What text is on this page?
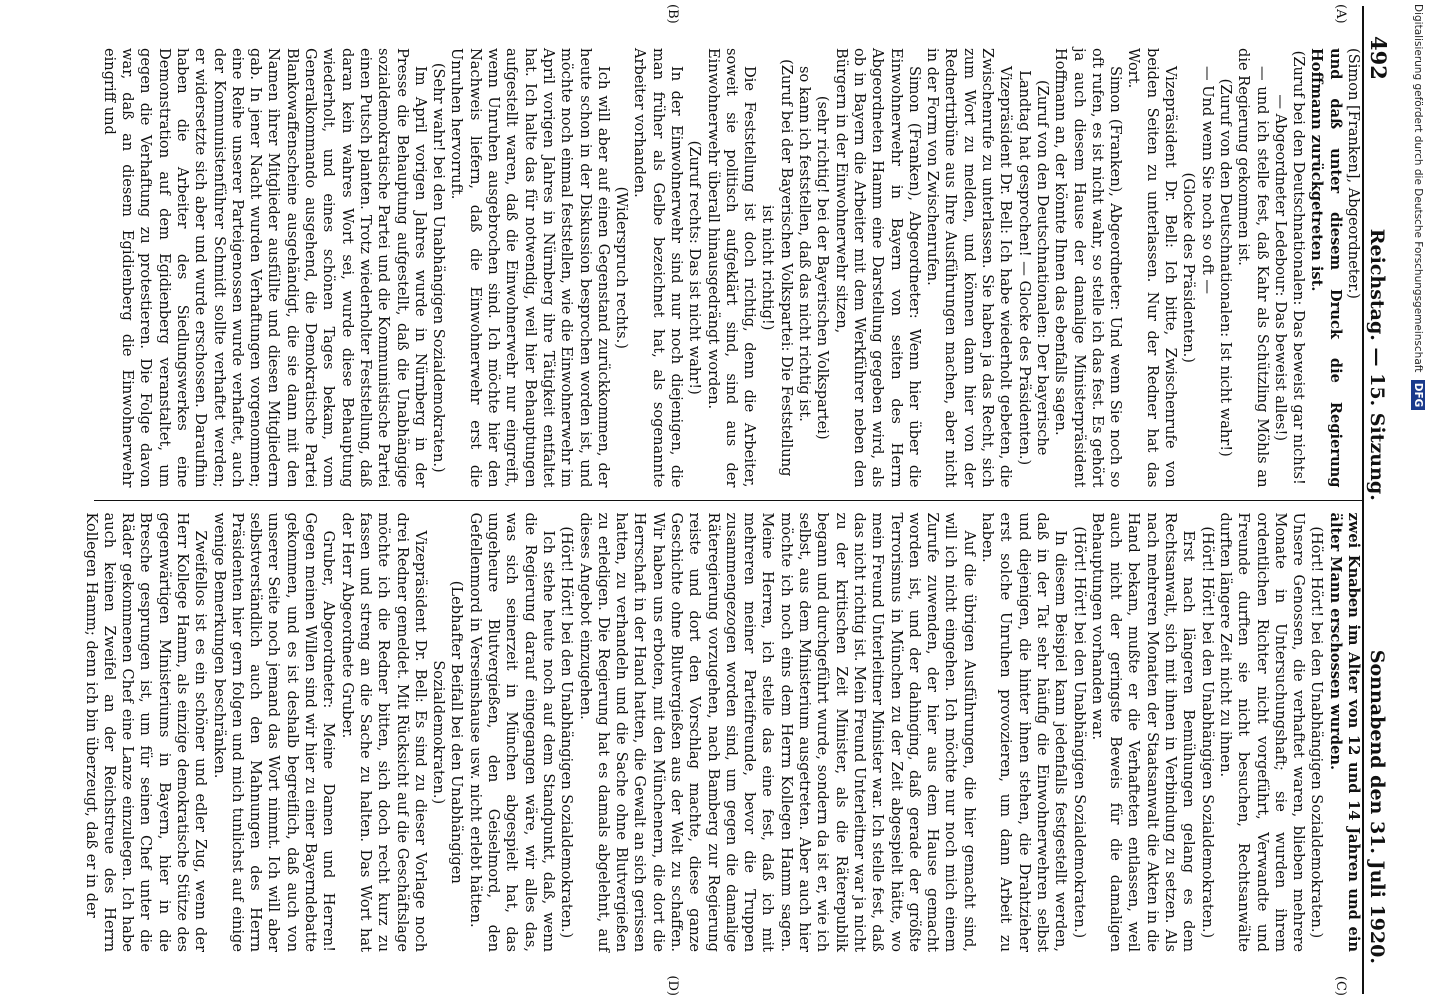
492
Reichstag. — 15. Sitzung.
Sonnabend den 31. Juli 1920.
(A)
(B)
(C)
(D)

(Simon [Franken], Abgeordneter.)

und daß unter diesem Druck die Regierung Hoffmann zurückgetreten ist.

(Zuruf bei den Deutschnationalen: Das beweist gar nichts! — Abgeordneter Ledebour: Das beweist alles!)

— und ich stelle fest, daß Kahr als Schützling Möhls an die Regierung gekommen ist.

(Zuruf von den Deutschnationalen: Ist nicht wahr!)

— Und wenn Sie noch so oft —

(Glocke des Präsidenten.)

Vizepräsident Dr. Bell: Ich bitte, Zwischenrufe von beiden Seiten zu unterlassen. Nur der Redner hat das Wort.

Simon (Franken), Abgeordneter: Und wenn Sie noch so oft rufen, es ist nicht wahr, so stelle ich das fest. Es gehört ja auch diesem Hause der damalige Ministerpräsident Hoffmann an, der könnte Ihnen das ebenfalls sagen.

(Zuruf von den Deutschnationalen: Der bayerische Landtag hat gesprochen! — Glocke des Präsidenten.)

Vizepräsident Dr. Bell: Ich habe wiederholt gebeten, die Zwischenrufe zu unterlassen. Sie haben ja das Recht, sich zum Wort zu melden, und können dann hier von der Rednertribüne aus Ihre Ausführungen machen, aber nicht in der Form von Zwischenrufen.

Simon (Franken), Abgeordneter: Wenn hier über die Einwohnerwehr in Bayern von seiten des Herrn Abgeordneten Hamm eine Darstellung gegeben wird, als ob in Bayern die Arbeiter mit dem Werkführer neben den Bürgern in der Einwohnerwehr sitzen,

(sehr richtig! bei der Bayerischen Volkspartei)

so kann ich feststellen, daß das nicht richtig ist.

(Zuruf bei der Bayerischen Volkspartei: Die Feststellung ist nicht richtig!)

Die Feststellung ist doch richtig, denn die Arbeiter, soweit sie politisch aufgeklärt sind, sind aus der Einwohnerwehr überall hinausgedrängt worden.

(Zuruf rechts: Das ist nicht wahr!)

In der Einwohnerwehr sind nur noch diejenigen, die man früher als Gelbe bezeichnet hat, als sogenannte Arbeiter vorhanden.

(Widerspruch rechts.)

Ich will aber auf einen Gegenstand zurückkommen, der heute schon in der Diskussion besprochen worden ist, und möchte noch einmal feststellen, wie die Einwohnerwehr im April vorigen Jahres in Nürnberg ihre Tätigkeit entfaltet hat. Ich halte das für notwendig, weil hier Behauptungen aufgestellt waren, daß die Einwohnerwehr nur eingreift, wenn Unruhen ausgebrochen sind. Ich möchte hier den Nachweis liefern, daß die Einwohnerwehr erst die Unruhen hervorruft.

(Sehr wahr! bei den Unabhängigen Sozialdemokraten.)

Im April vorigen Jahres wurde in Nürnberg in der Presse die Behauptung aufgestellt, daß die Unabhängige sozialdemokratische Partei und die Kommunistische Partei einen Putsch planten. Trotz wiederholter Feststellung, daß daran kein wahres Wort sei, wurde diese Behauptung wiederholt, und eines schönen Tages bekam, vom Generalkommando ausgehend, die Demokratische Partei Blankowaffenscheine ausgehändigt, die sie dann mit den Namen ihrer Mitglieder ausfüllte und diesen Mitgliedern gab. In jener Nacht wurden Verhaftungen vorgenommen; eine Reihe unserer Parteigenossen wurde verhaftet, auch der Kommunistenführer Schmidt sollte verhaftet werden; er widersetzte sich aber und wurde erschossen. Daraufhin haben die Arbeiter des Siedlungswerkes eine Demonstration auf dem Egidienberg veranstaltet, um gegen die Verhaftung zu protestieren. Die Folge davon war, daß an diesem Egidienberg die Einwohnerwehr eingriff und

zwei Knaben im Alter von 12 und 14 Jahren und ein älter Mann erschossen wurden.

(Hört! Hört! bei den Unabhängigen Sozialdemokraten.)

Unsere Genossen, die verhaftet waren, blieben mehrere Monate in Untersuchungshaft; sie wurden ihrem ordentlichen Richter nicht vorgeführt, Verwandte und Freunde durften sie nicht besuchen, Rechtsanwälte durften längere Zeit nicht zu ihnen.

(Hört! Hört! bei den Unabhängigen Sozialdemokraten.)

Erst nach längeren Bemühungen gelang es dem Rechtsanwalt, sich mit ihnen in Verbindung zu setzen. Als nach mehreren Monaten der Staatsanwalt die Akten in die Hand bekam, mußte er die Verhafteten entlassen, weil auch nicht der geringste Beweis für die damaligen Behauptungen vorhanden war.

(Hört! Hört! bei den Unabhängigen Sozialdemokraten.)

In diesem Beispiel kann jedenfalls festgestellt werden, daß in der Tat sehr häufig die Einwohnerwehren selbst und diejenigen, die hinter ihnen stehen, die Drahtzieher erst solche Unruhen provozieren, um dann Arbeit zu haben.

Auf die übrigen Ausführungen, die hier gemacht sind, will ich nicht eingehen. Ich möchte nur noch mich einem Zurufe zuwenden, der hier aus dem Hause gemacht worden ist, und der dahinging, daß gerade der größte Terrorismus in München zu der Zeit abgespielt hätte, wo mein Freund Unterleitner Minister war. Ich stelle fest, daß das nicht richtig ist. Mein Freund Unterleitner war ja nicht zu der kritischen Zeit Minister, als die Räterepublik begann und durchgeführt wurde, sondern da ist er, wie ich selbst, aus dem Ministerium ausgetreten. Aber auch hier möchte ich noch eins dem Herrn Kollegen Hamm sagen. Meine Herren, ich stelle das eine fest, daß ich mit mehreren meiner Parteifreunde, bevor die Truppen zusammengezogen worden sind, um gegen die damalige Räteregierung vorzugehen, nach Bamberg zur Regierung reiste und dort den Vorschlag machte, diese ganze Geschichte ohne Blutvergießen aus der Welt zu schaffen. Wir haben uns erboten, mit den Münchenern, die dort die Herrschaft in der Hand hatten, die Gewalt an sich gerissen hatten, zu verhandeln und die Sache ohne Blutvergießen zu erledigen. Die Regierung hat es damals abgelehnt, auf dieses Angebot einzugehen.

(Hört! Hört! bei den Unabhängigen Sozialdemokraten.)

Ich stehe heute noch auf dem Standpunkt, daß, wenn die Regierung darauf eingegangen wäre, wir alles das, was sich seinerzeit in München abgespielt hat, das ungeheure Blutvergießen, den Geiselmord, den Gefellenmord in Verseinshause usw. nicht erlebt hätten.

(Lebhafter Beifall bei den Unabhängigen Sozialdemokraten.)

Vizepräsident Dr. Bell: Es sind zu dieser Vorlage noch drei Redner gemeldet. Mit Rücksicht auf die Geschäftslage möchte ich die Redner bitten, sich doch recht kurz zu fassen und streng an die Sache zu halten. Das Wort hat der Herr Abgeordnete Gruber.

Gruber, Abgeordneter: Meine Damen und Herren! Gegen meinen Willen sind wir hier zu einer Bayerndebatte gekommen, und es ist deshalb begreiflich, daß auch von unserer Seite noch jemand das Wort nimmt. Ich will aber selbstverständlich auch den Mahnungen des Herrn Präsidenten hier gern folgen und mich tunlichst auf einige wenige Bemerkungen beschränken.

Zweifellos ist es ein schöner und edler Zug, wenn der Herr Kollege Hamm, als einzige demokratische Stütze des gegenwärtigen Ministeriums in Bayern, hier in die Bresche gesprungen ist, um für seinen Chef unter die Räder gekommenen Chef eine Lanze einzulegen. Ich habe auch keinen Zweifel an der Reichstreue des Herrn Kollegen Hamm; denn ich bin überzeugt, daß er in der

Digitalisierung gefördert durch die Deutsche Forschungsgemeinschaft DFG
